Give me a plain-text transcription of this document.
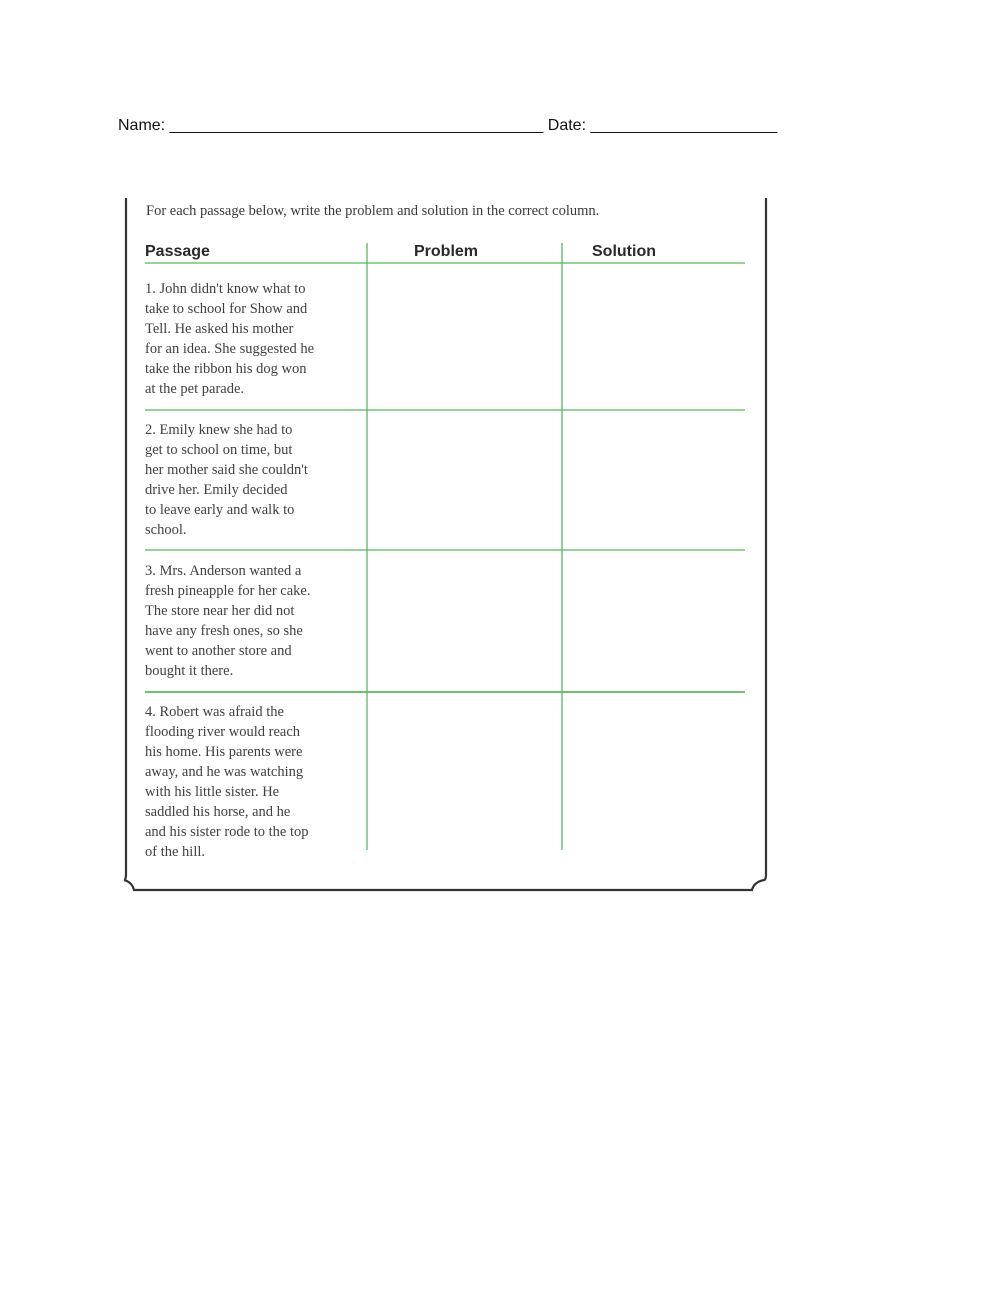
Name: __________________________________________ Date: _____________________
For each passage below, write the problem and solution in the correct column.
Passage	Problem	Solution
1. John didn't know what to
take to school for Show and
Tell. He asked his mother
for an idea. She suggested he
take the ribbon his dog won
at the pet parade.
2. Emily knew she had to
get to school on time, but
her mother said she couldn't
drive her. Emily decided
to leave early and walk to
school.
3. Mrs. Anderson wanted a
fresh pineapple for her cake.
The store near her did not
have any fresh ones, so she
went to another store and
bought it there.
4. Robert was afraid the
flooding river would reach
his home. His parents were
away, and he was watching
with his little sister. He
saddled his horse, and he
and his sister rode to the top
of the hill.
